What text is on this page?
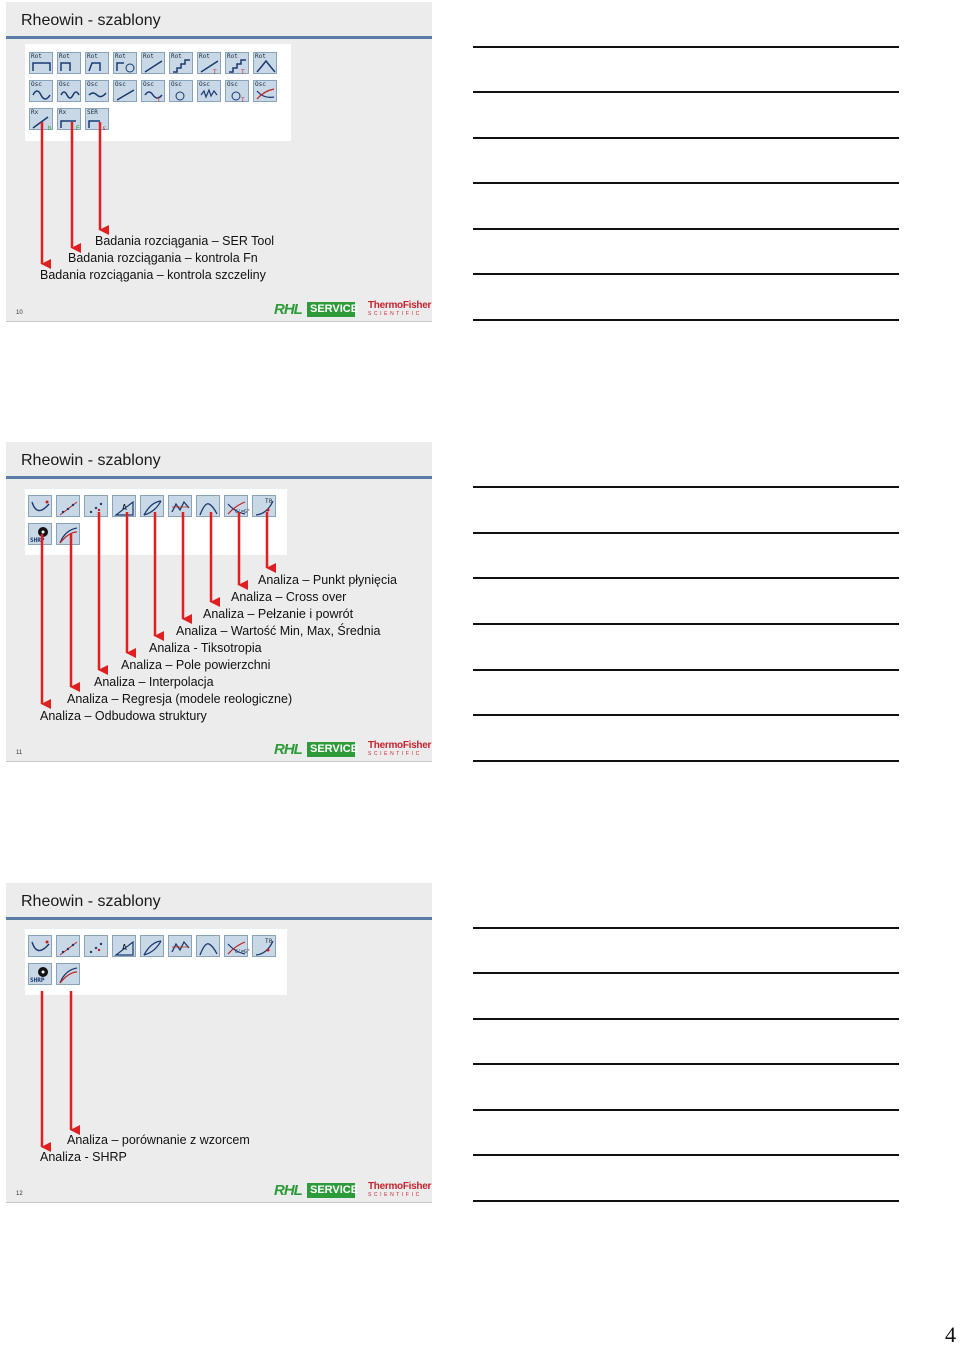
Rheowin - szablony
Rot	Rot	Rot	Rot	Rot	Rot	Rot
T
Rot
T
Rot
Osc	Osc	Osc	Osc	Osc
T
Osc	Osc	Osc
T
Osc
Rx
h
Rx
F
SER
ε
Badania rozciągania – SER Tool
Badania rozciągania – kontrola Fn
Badania rozciągania – kontrola szczeliny
10	RHL SERVICE ThermoFisher
SCIENTIFIC
Rheowin - szablony
A	G'=G"
Τ0
SHRP
Analiza – Punkt płynięcia
Analiza – Cross over
Analiza – Pełzanie i powrót
Analiza – Wartość Min, Max, Średnia
Analiza - Tiksotropia
Analiza – Pole powierzchni
Analiza – Interpolacja
Analiza – Regresja (modele reologiczne)
Analiza – Odbudowa struktury
11	RHL SERVICE ThermoFisher
SCIENTIFIC
Rheowin - szablony
A	G'=G"
Τ0
SHRP
Analiza – porównanie z wzorcem
Analiza - SHRP
12	RHL SERVICE ThermoFisher
SCIENTIFIC
4
